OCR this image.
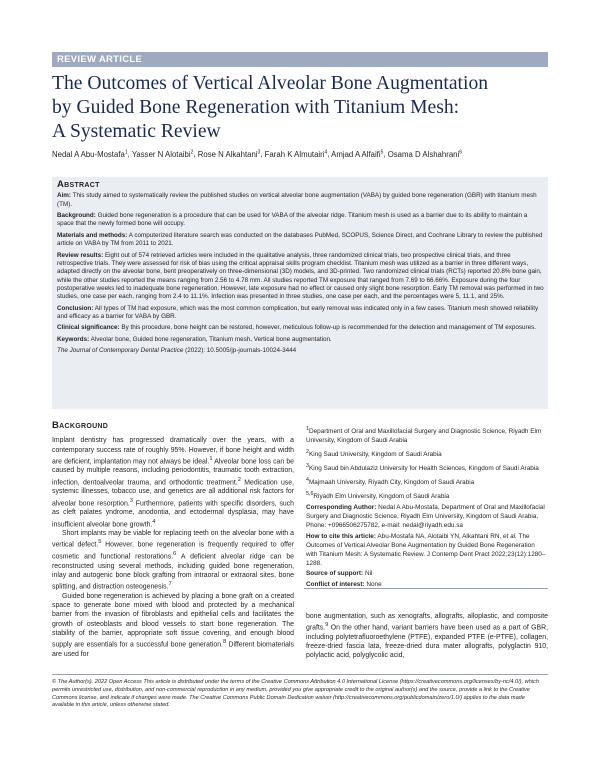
REVIEW ARTICLE
The Outcomes of Vertical Alveolar Bone Augmentation
by Guided Bone Regeneration with Titanium Mesh:
A Systematic Review
Nedal A Abu-Mostafa$^1$, Yasser N Alotaibi$^2$, Rose N Alkahtani$^3$, Farah K Almutairi$^4$, Amjad A Alfaifi$^5$, Osama D Alshahrani$^6$
Abstract

Aim: This study aimed to systematically review the published studies on vertical alveolar bone augmentation (VABA) by guided bone regeneration (GBR) with titanium mesh (TM).

Background: Guided bone regeneration is a procedure that can be used for VABA of the alveolar ridge. Titanium mesh is used as a barrier due to its ability to maintain a space that the newly formed bone will occupy.

Materials and methods: A computerized literature search was conducted on the databases PubMed, SCOPUS, Science Direct, and Cochrane Library to review the published article on VABA by TM from 2011 to 2021.

Review results: Eight out of 574 retrieved articles were included in the qualitative analysis, three randomized clinical trials, two prospective clinical trials, and three retrospective trials. They were assessed for risk of bias using the critical appraisal skills program checklist. Titanium mesh was utilized as a barrier in three different ways, adapted directly on the alveolar bone, bent preoperatively on three-dimensional (3D) models, and 3D-printed. Two randomized clinical trials (RCTs) reported 20.8% bone gain, while the other studies reported the means ranging from 2.56 to 4.78 mm. All studies reported TM exposure that ranged from 7.69 to 66.66%. Exposure during the four postoperative weeks led to inadequate bone regeneration. However, late exposure had no effect or caused only slight bone resorption. Early TM removal was performed in two studies, one case per each, ranging from 2.4 to 11.1%. Infection was presented in three studies, one case per each, and the percentages were 5, 11.1, and 25%.

Conclusion: All types of TM had exposure, which was the most common complication, but early removal was indicated only in a few cases. Titanium mesh showed reliability and efficacy as a barrier for VABA by GBR.

Clinical significance: By this procedure, bone height can be restored, however, meticulous follow-up is recommended for the detection and management of TM exposures.

Keywords: Alveolar bone, Guided bone regeneration, Titanium mesh, Vertical bone augmentation.

The Journal of Contemporary Dental Practice (2022): 10.5005/jp-journals-10024-3444

Background

Implant dentistry has progressed dramatically over the years, with a contemporary success rate of roughly 95%. However, if bone height and width are deficient, implantation may not always be ideal.$^1$ Alveolar bone loss can be caused by multiple reasons, including periodontitis, traumatic tooth extraction, infection, dentoalveolar trauma, and orthodontic treatment.$^2$ Medication use, systemic illnesses, tobacco use, and genetics are all additional risk factors for alveolar bone resorption.$^3$ Furthermore, patients with specific disorders, such as cleft palates yndrome, anodontia, and ectodermal dysplasia, may have insufficient alveolar bone growth.$^4$

Short implants may be viable for replacing teeth on the alveolar bone with a vertical defect.$^5$ However, bone regeneration is frequently required to offer cosmetic and functional restorations.$^6$ A deficient alveolar ridge can be reconstructed using several methods, including guided bone regeneration, inlay and autogenic bone block grafting from intraoral or extraoral sites, bone splitting, and distraction osteogenesis.$^7$

Guided bone regeneration is achieved by placing a bone graft on a created space to generate bone mixed with blood and protected by a mechanical barrier from the invasion of fibroblasts and epithelial cells and facilitates the growth of osteoblasts and blood vessels to start bone regeneration. The stability of the barrier, appropriate soft tissue covering, and enough blood supply are essentials for a successful bone generation.$^8$ Different biomaterials are used for

$^1$Department of Oral and Maxillofacial Surgery and Diagnostic Science, Riyadh Elm University, Kingdom of Saudi Arabia

$^2$King Saud University, Kingdom of Saudi Arabia

$^3$King Saud bin Abdulaziz University for Health Sciences, Kingdom of Saudi Arabia

$^4$Majmaah University, Riyadh City, Kingdom of Saudi Arabia

$^{5,6}$Riyadh Elm University, Kingdom of Saudi Arabia

Corresponding Author: Nedal A Abu-Mostafa, Department of Oral and Maxillofacial Surgery and Diagnostic Science, Riyadh Elm University, Kingdom of Saudi Arabia, Phone: +0966506275782, e-mail: nedal@riyadh.edu.sa

How to cite this article: Abu-Mostafa NA, Alotaibi YN, Alkahtani RN, et al. The Outcomes of Vertical Alveolar Bone Augmentation by Guided Bone Regeneration with Titanium Mesh: A Systematic Review. J Contemp Dent Pract 2022;23(12):1280–1288.

Source of support: Nil

Conflict of interest: None

bone augmentation, such as xenografts, allografts, alloplastic, and composite grafts.$^9$ On the other hand, variant barriers have been used as a part of GBR, including polytetrafluoroethylene (PTFE), expanded PTFE (e-PTFE), collagen, freeze-dried fascia lata, freeze-dried dura mater allografts, polyglactin 910, polylactic acid, polyglycolic acid,

© The Author(s). 2022 Open Access This article is distributed under the terms of the Creative Commons Attribution 4.0 International License (https://creativecommons.org/licenses/by-nc/4.0/), which permits unrestricted use, distribution, and non-commercial reproduction in any medium, provided you give appropriate credit to the original author(s) and the source, provide a link to the Creative Commons license, and indicate if changes were made. The Creative Commons Public Domain Dedication waiver (http://creativecommons.org/publicdomain/zero/1.0/) applies to the data made available in this article, unless otherwise stated.
